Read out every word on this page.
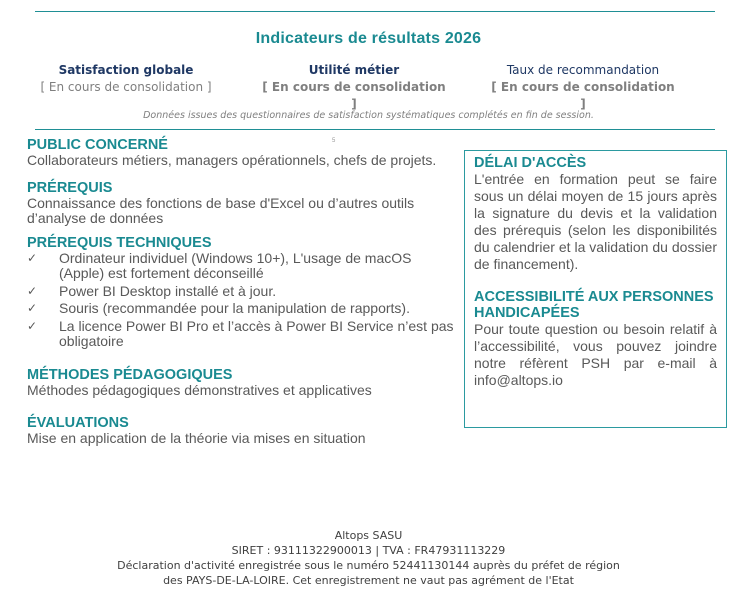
Indicateurs de résultats 2026
Satisfaction globale
[ En cours de consolidation ]
Utilité métier
[ En cours de consolidation ]
Taux de recommandation
[ En cours de consolidation ]
Données issues des questionnaires de satisfaction systématiques complétés en fin de session.
5
PUBLIC CONCERNÉ

Collaborateurs métiers, managers opérationnels, chefs de projets.

PRÉREQUIS

Connaissance des fonctions de base d'Excel ou d’autres outils d’analyse de données

PRÉREQUIS TECHNIQUES
✓ Ordinateur individuel (Windows 10+), L'usage de macOS (Apple) est fortement déconseillé
✓ Power BI Desktop installé et à jour.
✓ Souris (recommandée pour la manipulation de rapports).
✓ La licence Power BI Pro et l’accès à Power BI Service n’est pas obligatoire
MÉTHODES PÉDAGOGIQUES

Méthodes pédagogiques démonstratives et applicatives

ÉVALUATIONS

Mise en application de la théorie via mises en situation

DÉLAI D'ACCÈS

L'entrée en formation peut se faire sous un délai moyen de 15 jours après la signature du devis et la validation des prérequis (selon les disponibilités du calendrier et la validation du dossier de financement).

ACCESSIBILITÉ AUX PERSONNES HANDICAPÉES

Pour toute question ou besoin relatif à l’accessibilité, vous pouvez joindre notre réfèrent PSH par e-mail à info@altops.io

Altops SASU
SIRET : 93111322900013 | TVA : FR47931113229
Déclaration d'activité enregistrée sous le numéro 52441130144 auprès du préfet de région
des PAYS-DE-LA-LOIRE. Cet enregistrement ne vaut pas agrément de l'Etat
